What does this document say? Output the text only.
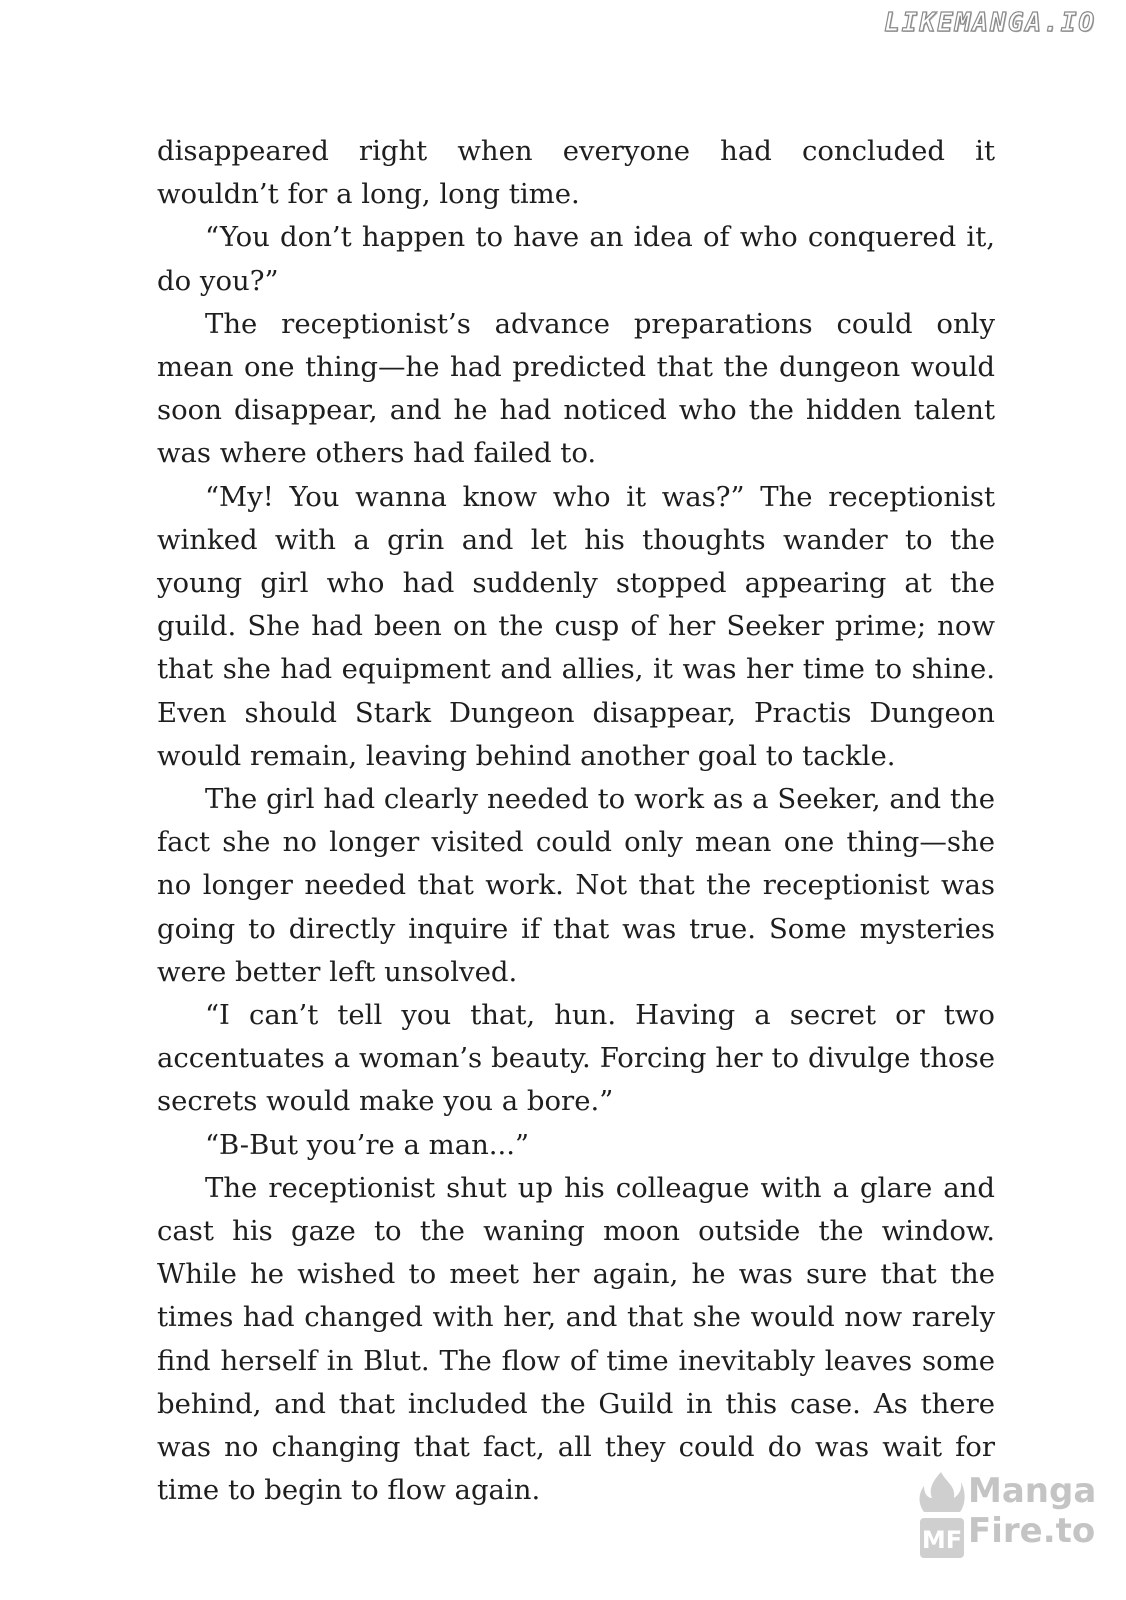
LIKEMANGA.IO

disappeared right when everyone had concluded it wouldn’t for a long, long time.

“You don’t happen to have an idea of who conquered it, do you?”

The receptionist’s advance preparations could only mean one thing—he had predicted that the dungeon would soon disappear, and he had noticed who the hidden talent was where others had failed to.

“My! You wanna know who it was?” The receptionist winked with a grin and let his thoughts wander to the young girl who had suddenly stopped appearing at the guild. She had been on the cusp of her Seeker prime; now that she had equipment and allies, it was her time to shine. Even should Stark Dungeon disappear, Practis Dungeon would remain, leaving behind another goal to tackle.

The girl had clearly needed to work as a Seeker, and the fact she no longer visited could only mean one thing—she no longer needed that work. Not that the receptionist was going to directly inquire if that was true. Some mysteries were better left unsolved.

“I can’t tell you that, hun. Having a secret or two accentuates a woman’s beauty. Forcing her to divulge those secrets would make you a bore.”

“B-But you’re a man...”

The receptionist shut up his colleague with a glare and cast his gaze to the waning moon outside the window. While he wished to meet her again, he was sure that the times had changed with her, and that she would now rarely find herself in Blut. The flow of time inevitably leaves some behind, and that included the Guild in this case. As there was no changing that fact, all they could do was wait for time to begin to flow again.

MF
Manga
Fire.to
